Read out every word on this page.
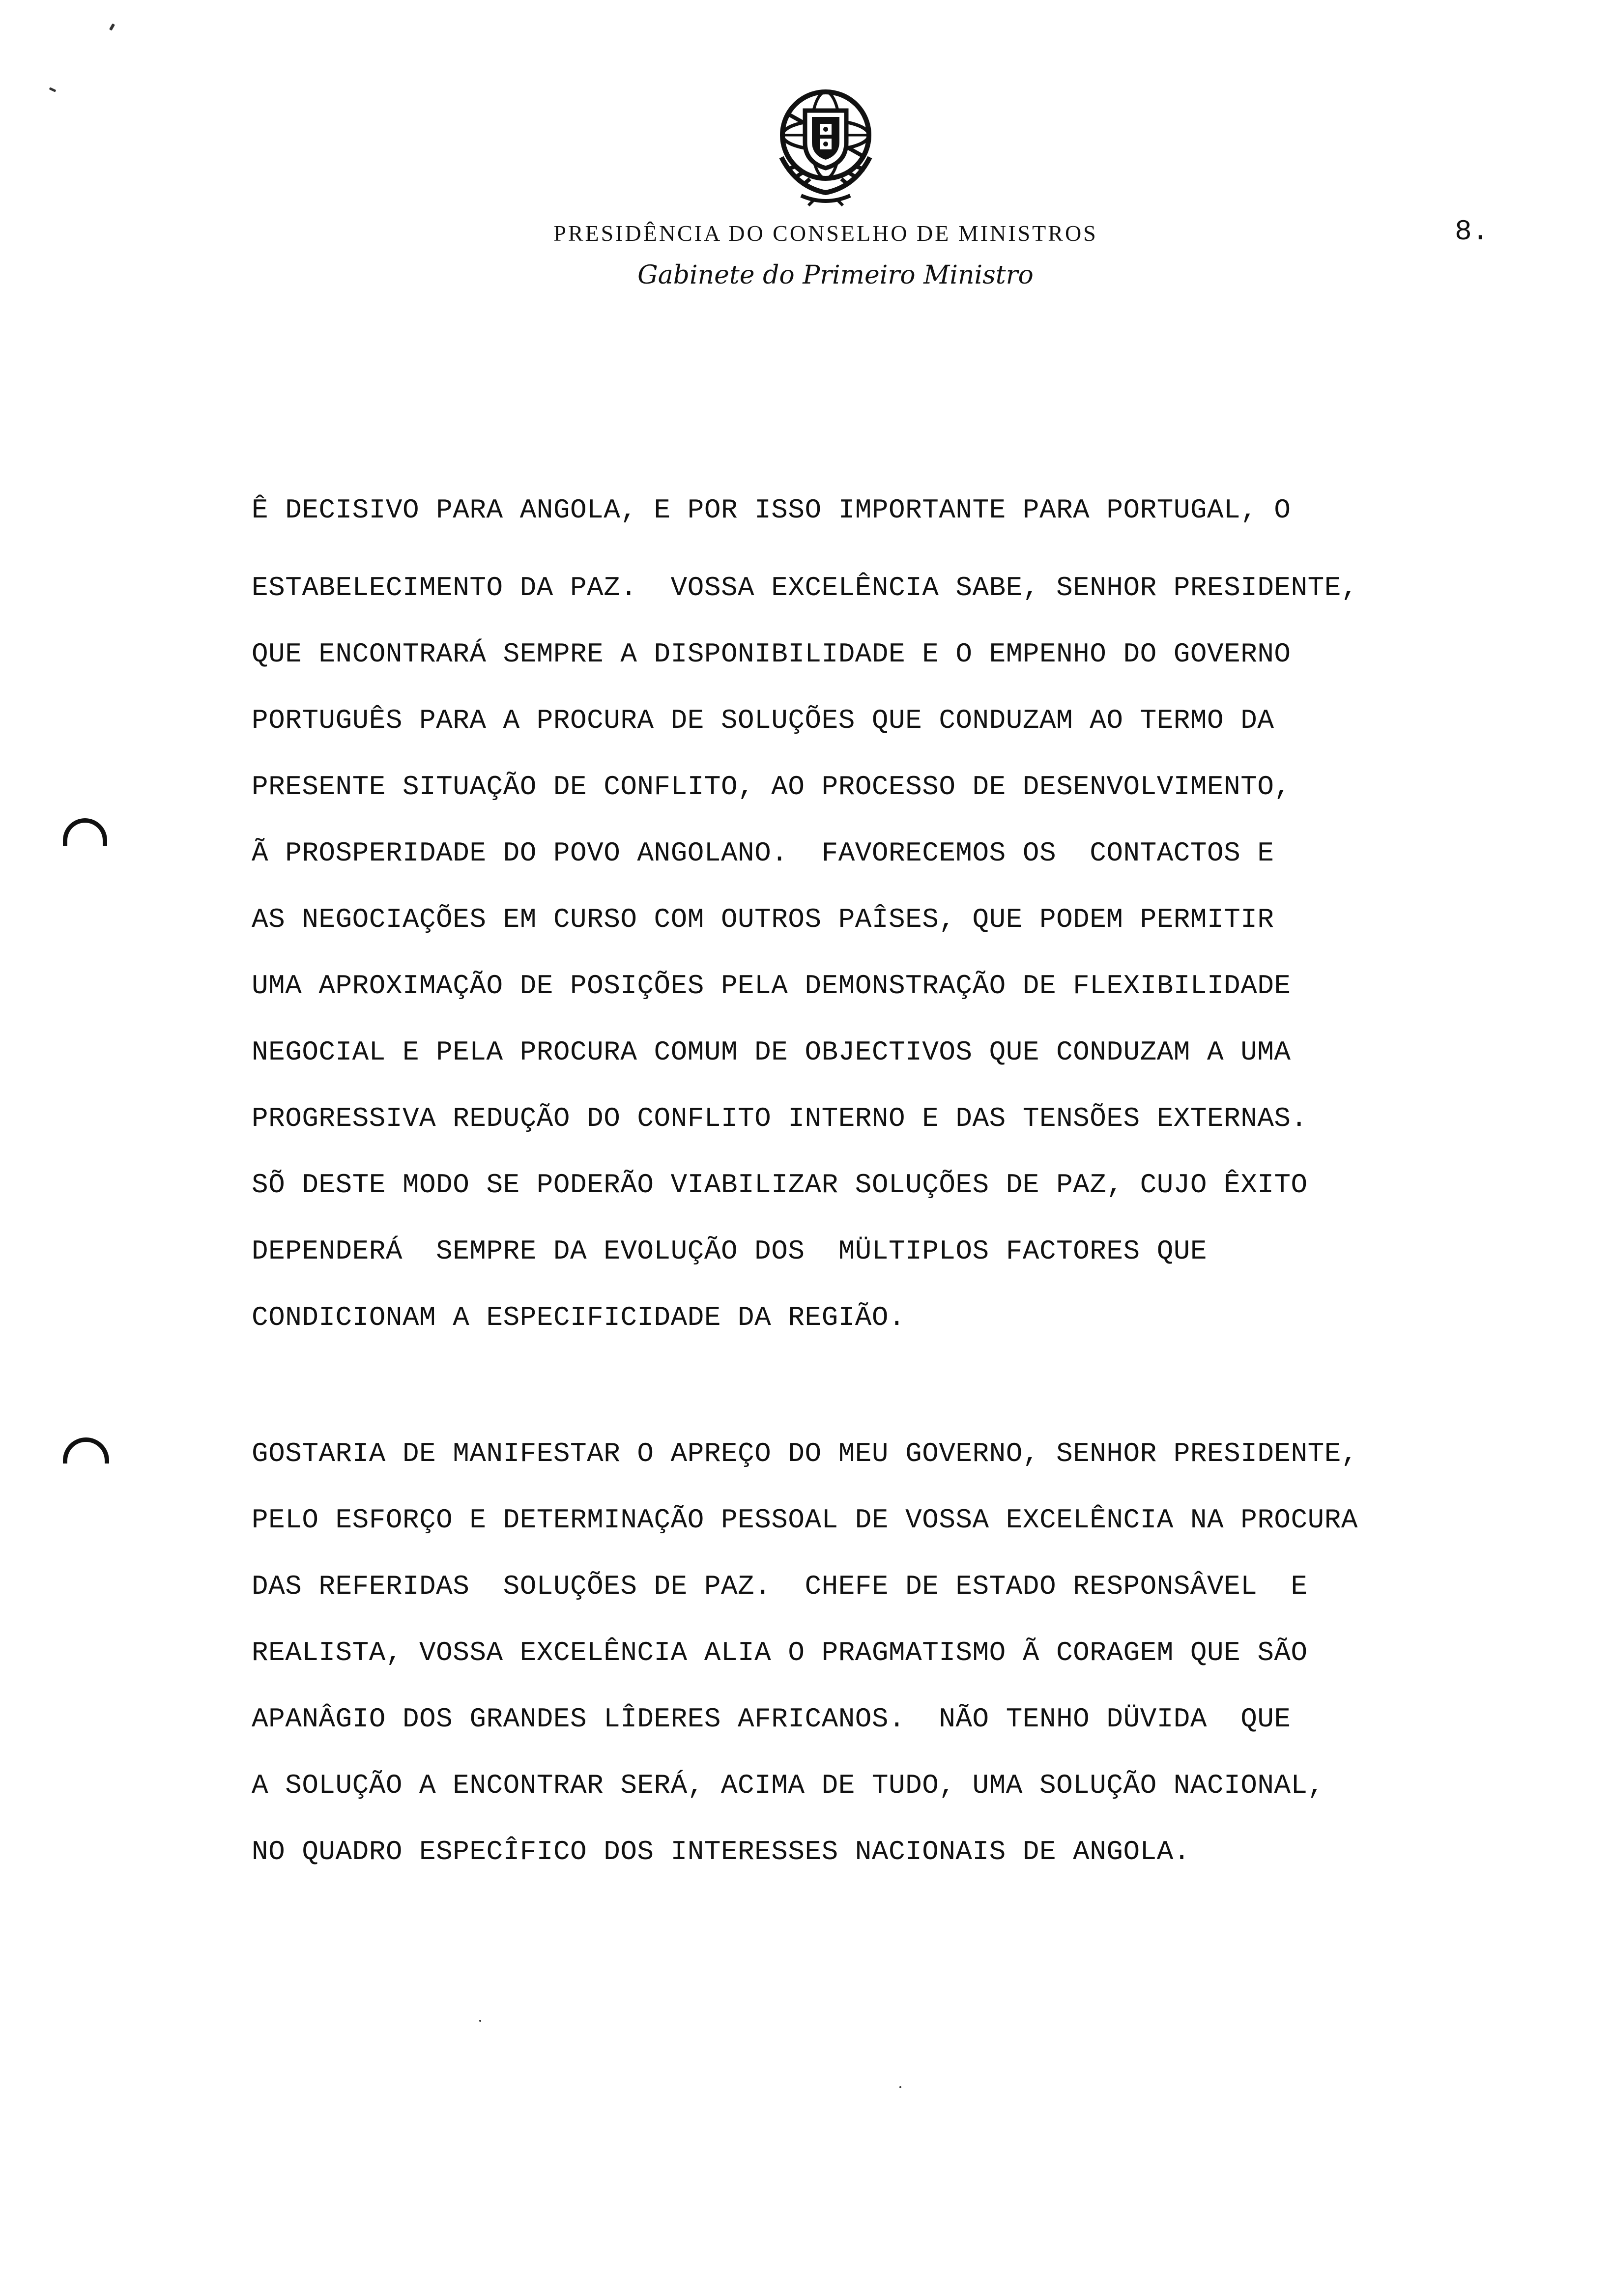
PRESIDÊNCIA DO CONSELHO DE MINISTROS	8.
Gabinete do Primeiro Ministro
Ê DECISIVO PARA ANGOLA, E POR ISSO IMPORTANTE PARA PORTUGAL, O
ESTABELECIMENTO DA PAZ.  VOSSA EXCELÊNCIA SABE, SENHOR PRESIDENTE,
QUE ENCONTRARÁ SEMPRE A DISPONIBILIDADE E O EMPENHO DO GOVERNO
PORTUGUÊS PARA A PROCURA DE SOLUÇÕES QUE CONDUZAM AO TERMO DA
PRESENTE SITUAÇÃO DE CONFLITO, AO PROCESSO DE DESENVOLVIMENTO,
Ã PROSPERIDADE DO POVO ANGOLANO.  FAVORECEMOS OS  CONTACTOS E
AS NEGOCIAÇÕES EM CURSO COM OUTROS PAÎSES, QUE PODEM PERMITIR
UMA APROXIMAÇÃO DE POSIÇÕES PELA DEMONSTRAÇÃO DE FLEXIBILIDADE
NEGOCIAL E PELA PROCURA COMUM DE OBJECTIVOS QUE CONDUZAM A UMA
PROGRESSIVA REDUÇÃO DO CONFLITO INTERNO E DAS TENSÕES EXTERNAS.
SÕ DESTE MODO SE PODERÃO VIABILIZAR SOLUÇÕES DE PAZ, CUJO ÊXITO
DEPENDERÁ  SEMPRE DA EVOLUÇÃO DOS  MÜLTIPLOS FACTORES QUE
CONDICIONAM A ESPECIFICIDADE DA REGIÃO.
GOSTARIA DE MANIFESTAR O APREÇO DO MEU GOVERNO, SENHOR PRESIDENTE,
PELO ESFORÇO E DETERMINAÇÃO PESSOAL DE VOSSA EXCELÊNCIA NA PROCURA
DAS REFERIDAS  SOLUÇÕES DE PAZ.  CHEFE DE ESTADO RESPONSÂVEL  E
REALISTA, VOSSA EXCELÊNCIA ALIA O PRAGMATISMO Ã CORAGEM QUE SÃO
APANÂGIO DOS GRANDES LÎDERES AFRICANOS.  NÃO TENHO DÜVIDA  QUE
A SOLUÇÃO A ENCONTRAR SERÁ, ACIMA DE TUDO, UMA SOLUÇÃO NACIONAL,
NO QUADRO ESPECÎFICO DOS INTERESSES NACIONAIS DE ANGOLA.
